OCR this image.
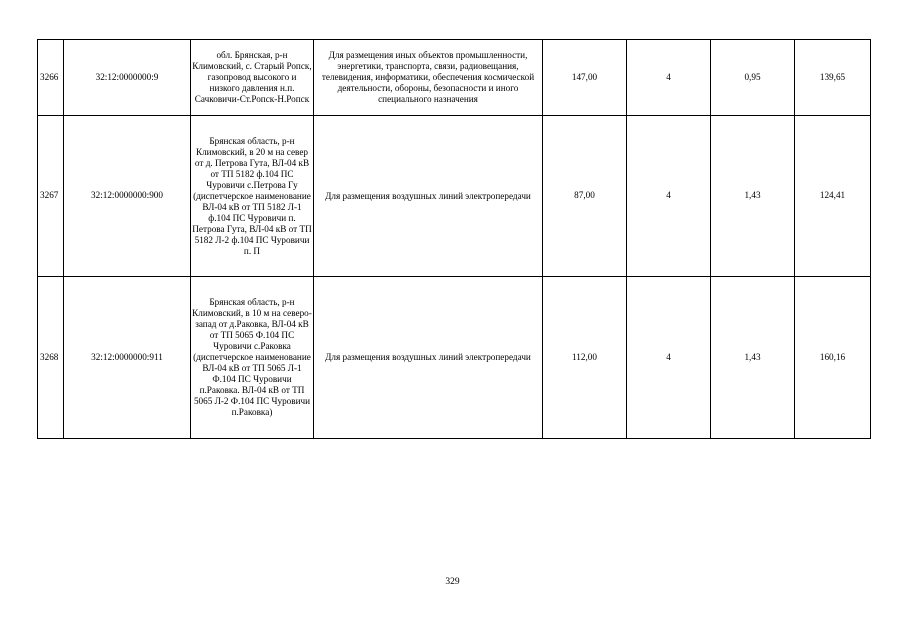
3266	32:12:0000000:9	обл. Брянская, р-н Климовский, с. Старый Ропск, газопровод высокого и низкого давления н.п. Сачковичи-Ст.Ропск-Н.Ропск	Для размещения иных объектов промышленности, энергетики, транспорта, связи, радиовещания, телевидения, информатики, обеспечения космической деятельности, обороны, безопасности и иного специального назначения	147,00	4	0,95	139,65
3267	32:12:0000000:900	Брянская область, р-н Климовский, в 20 м на север от д. Петрова Гута, ВЛ-04 кВ от ТП 5182 ф.104 ПС Чуровичи с.Петрова Гу (диспетчерское наименование ВЛ-04 кВ от ТП 5182 Л-1 ф.104 ПС Чуровичи п. Петрова Гута, ВЛ-04 кВ от ТП 5182 Л-2 ф.104 ПС Чуровичи п. П	Для размещения воздушных линий электропередачи	87,00	4	1,43	124,41
3268	32:12:0000000:911	Брянская область, р-н Климовский, в 10 м на северо-запад от д.Раковка, ВЛ-04 кВ от ТП 5065 Ф.104 ПС Чуровичи с.Раковка (диспетчерское наименование ВЛ-04 кВ от ТП 5065 Л-1 Ф.104 ПС Чуровичи п.Раковка. ВЛ-04 кВ от ТП 5065 Л-2 Ф.104 ПС Чуровичи п.Раковка)	Для размещения воздушных линий электропередачи	112,00	4	1,43	160,16
329
